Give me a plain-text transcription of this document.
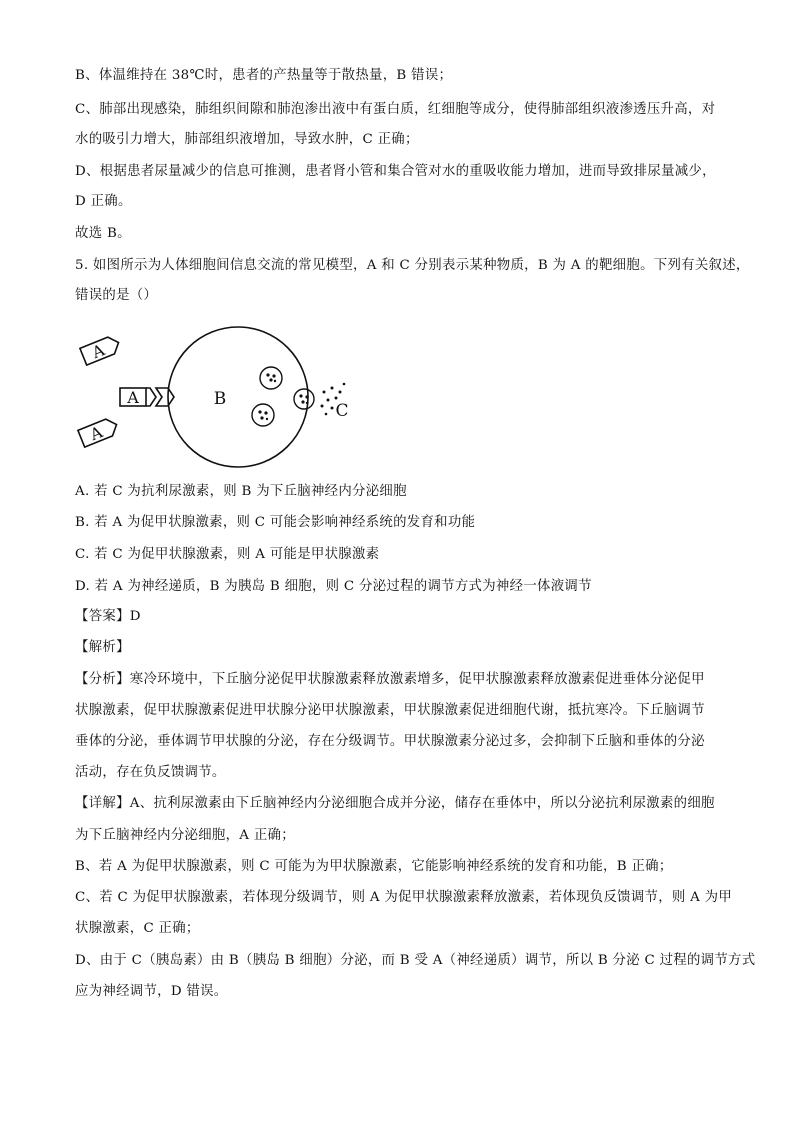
B、体温维持在 38℃时，患者的产热量等于散热量，B 错误；
C、肺部出现感染，肺组织间隙和肺泡渗出液中有蛋白质，红细胞等成分，使得肺部组织液渗透压升高，对
水的吸引力增大，肺部组织液增加，导致水肿，C 正确；
D、根据患者尿量减少的信息可推测，患者肾小管和集合管对水的重吸收能力增加，进而导致排尿量减少，
D 正确。
故选 B。
5. 如图所示为人体细胞间信息交流的常见模型，A 和 C 分别表示某种物质，B 为 A 的靶细胞。下列有关叙述，
错误的是（）
A
A
A
B
C
A. 若 C 为抗利尿激素，则 B 为下丘脑神经内分泌细胞
B. 若 A 为促甲状腺激素，则 C 可能会影响神经系统的发育和功能
C. 若 C 为促甲状腺激素，则 A 可能是甲状腺激素
D. 若 A 为神经递质，B 为胰岛 B 细胞，则 C 分泌过程的调节方式为神经一体液调节
【答案】D
【解析】
【分析】寒冷环境中，下丘脑分泌促甲状腺激素释放激素增多，促甲状腺激素释放激素促进垂体分泌促甲
状腺激素，促甲状腺激素促进甲状腺分泌甲状腺激素，甲状腺激素促进细胞代谢，抵抗寒冷。下丘脑调节
垂体的分泌，垂体调节甲状腺的分泌，存在分级调节。甲状腺激素分泌过多，会抑制下丘脑和垂体的分泌
活动，存在负反馈调节。
【详解】A、抗利尿激素由下丘脑神经内分泌细胞合成并分泌，储存在垂体中，所以分泌抗利尿激素的细胞
为下丘脑神经内分泌细胞，A 正确；
B、若 A 为促甲状腺激素，则 C 可能为为甲状腺激素，它能影响神经系统的发育和功能，B 正确；
C、若 C 为促甲状腺激素，若体现分级调节，则 A 为促甲状腺激素释放激素，若体现负反馈调节，则 A 为甲
状腺激素，C 正确；
D、由于 C（胰岛素）由 B（胰岛 B 细胞）分泌，而 B 受 A（神经递质）调节，所以 B 分泌 C 过程的调节方式
应为神经调节，D 错误。
